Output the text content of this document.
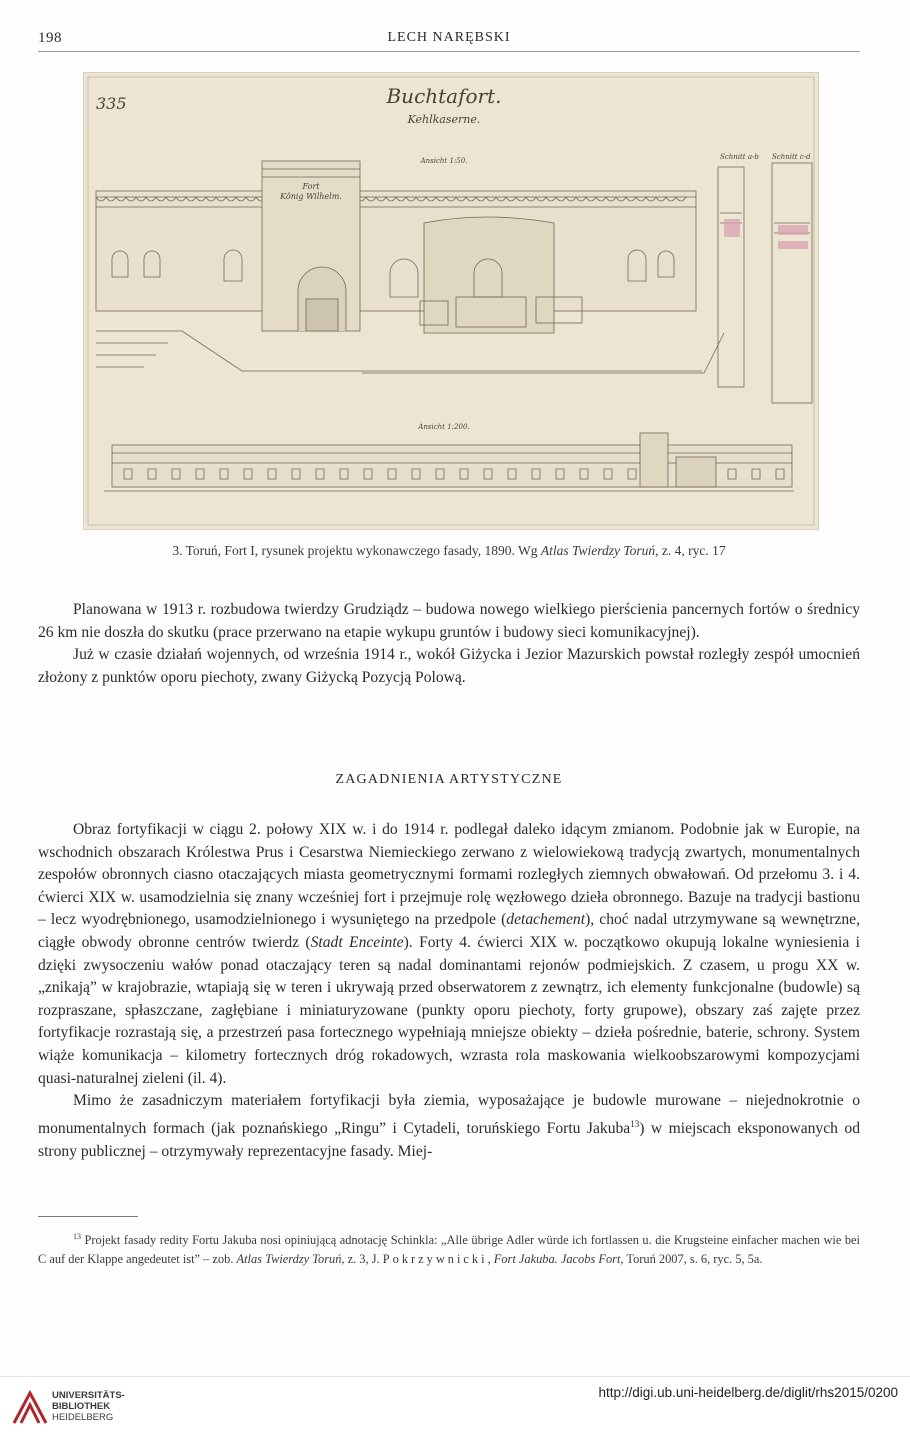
198	LECH NARĘBSKI
Buchtafort.
Kehlkaserne.
Ansicht 1:50.
Ansicht 1:200.
Schnitt a-b Schnitt c-d
335
Fort
König Wilhelm.
3. Toruń, Fort I, rysunek projektu wykonawczego fasady, 1890. Wg Atlas Twierdzy Toruń, z. 4, ryc. 17

Planowana w 1913 r. rozbudowa twierdzy Grudziądz – budowa nowego wielkiego pierścienia pancernych fortów o średnicy 26 km nie doszła do skutku (prace przerwano na etapie wykupu gruntów i budowy sieci komunikacyjnej).

Już w czasie działań wojennych, od września 1914 r., wokół Giżycka i Jezior Mazurskich powstał rozległy zespół umocnień złożony z punktów oporu piechoty, zwany Giżycką Pozycją Polową.

ZAGADNIENIA ARTYSTYCZNE

Obraz fortyfikacji w ciągu 2. połowy XIX w. i do 1914 r. podlegał daleko idącym zmianom. Podobnie jak w Europie, na wschodnich obszarach Królestwa Prus i Cesarstwa Niemieckiego zerwano z wielowiekową tradycją zwartych, monumentalnych zespołów obronnych ciasno otaczających miasta geometrycznymi formami rozległych ziemnych obwałowań. Od przełomu 3. i 4. ćwierci XIX w. usamodzielnia się znany wcześniej fort i przejmuje rolę węzłowego dzieła obronnego. Bazuje na tradycji bastionu – lecz wyodrębnionego, usamodzielnionego i wysuniętego na przedpole (detachement), choć nadal utrzymywane są wewnętrzne, ciągłe obwody obronne centrów twierdz (Stadt Enceinte). Forty 4. ćwierci XIX w. początkowo okupują lokalne wyniesienia i dzięki zwysoczeniu wałów ponad otaczający teren są nadal dominantami rejonów podmiejskich. Z czasem, u progu XX w. „znikają” w krajobrazie, wtapiają się w teren i ukrywają przed obserwatorem z zewnątrz, ich elementy funkcjonalne (budowle) są rozpraszane, spłaszczane, zagłębiane i miniaturyzowane (punkty oporu piechoty, forty grupowe), obszary zaś zajęte przez fortyfikacje rozrastają się, a przestrzeń pasa fortecznego wypełniają mniejsze obiekty – dzieła pośrednie, baterie, schrony. System wiąże komunikacja – kilometry fortecznych dróg rokadowych, wzrasta rola maskowania wielkoobszarowymi kompozycjami quasi-naturalnej zieleni (il. 4).

Mimo że zasadniczym materiałem fortyfikacji była ziemia, wyposażające je budowle murowane – niejednokrotnie o monumentalnych formach (jak poznańskiego „Ringu” i Cytadeli, toruńskiego Fortu Jakuba$^{13}$) w miejscach eksponowanych od strony publicznej – otrzymywały reprezentacyjne fasady. Miej-

$^{13}$ Projekt fasady redity Fortu Jakuba nosi opiniującą adnotację Schinkla: „Alle übrige Adler würde ich fortlassen u. die Krugsteine einfacher machen wie bei C auf der Klappe angedeutet ist” – zob. Atlas Twierdzy Toruń, z. 3, J. Pokrzywnicki, Fort Jakuba. Jacobs Fort, Toruń 2007, s. 6, ryc. 5, 5a.

UNIVERSITÄTS-
BIBLIOTHEK
HEIDELBERG
http://digi.ub.uni-heidelberg.de/diglit/rhs2015/0200
